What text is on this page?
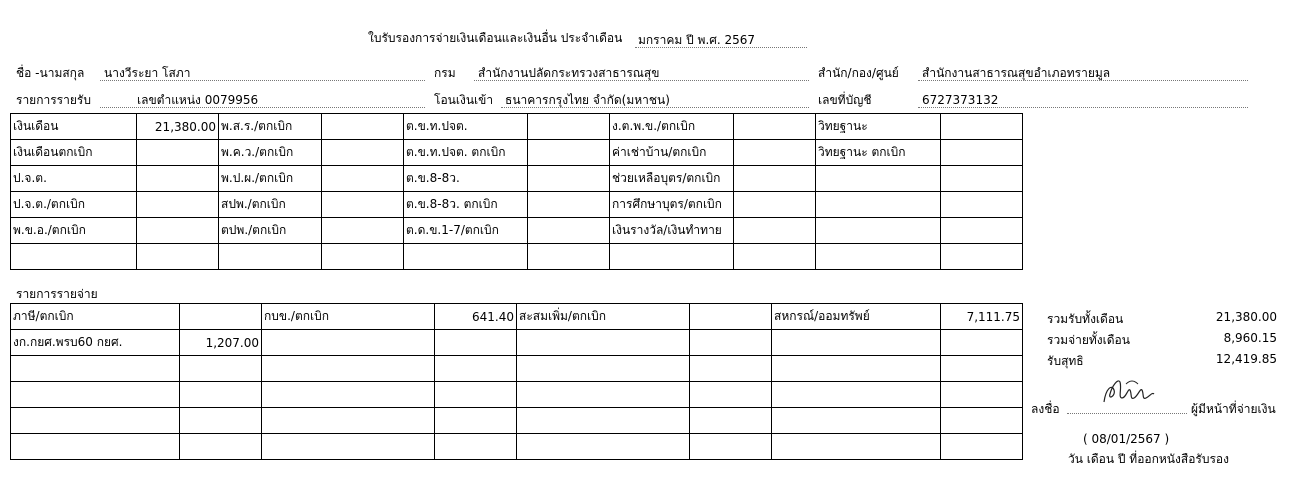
ใบรับรองการจ่ายเงินเดือนและเงินอื่น ประจำเดือน มกราคม ปี พ.ศ. 2567
ชื่อ -นามสกุล นางวีระยา โสภา	กรม สำนักงานปลัดกระทรวงสาธารณสุข	สำนัก/กอง/ศูนย์ สำนักงานสาธารณสุขอำเภอทรายมูล
รายการรายรับ	เลขตำแหน่ง 0079956	โอนเงินเข้า ธนาคารกรุงไทย จำกัด(มหาชน)	เลขที่บัญชี	6727373132
เงินเดือน	21,380.00	พ.ส.ร./ตกเบิก		ต.ข.ท.ปจต.		ง.ต.พ.ข./ตกเบิก		วิทยฐานะ	
เงินเดือนตกเบิก		พ.ค.ว./ตกเบิก		ต.ข.ท.ปจต. ตกเบิก		ค่าเช่าบ้าน/ตกเบิก		วิทยฐานะ ตกเบิก	
ป.จ.ต.		พ.ป.ผ./ตกเบิก		ต.ข.8-8ว.		ช่วยเหลือบุตร/ตกเบิก			
ป.จ.ต./ตกเบิก		สปพ./ตกเบิก		ต.ข.8-8ว. ตกเบิก		การศึกษาบุตร/ตกเบิก			
พ.ข.อ./ตกเบิก		ตปพ./ตกเบิก		ต.ด.ข.1-7/ตกเบิก		เงินรางวัล/เงินทำทาย			

รายการรายจ่าย
ภาษี/ตกเบิก		กบข./ตกเบิก	641.40	สะสมเพิ่ม/ตกเบิก		สหกรณ์/ออมทรัพย์	7,111.75
งก.กยศ.พรบ60 กยศ.	1,207.00						

รวมรับทั้งเดือน	21,380.00
รวมจ่ายทั้งเดือน	8,960.15
รับสุทธิ	12,419.85
ลงชื่อ	ผู้มีหน้าที่จ่ายเงิน
( 08/01/2567 )
วัน เดือน ปี ที่ออกหนังสือรับรอง
